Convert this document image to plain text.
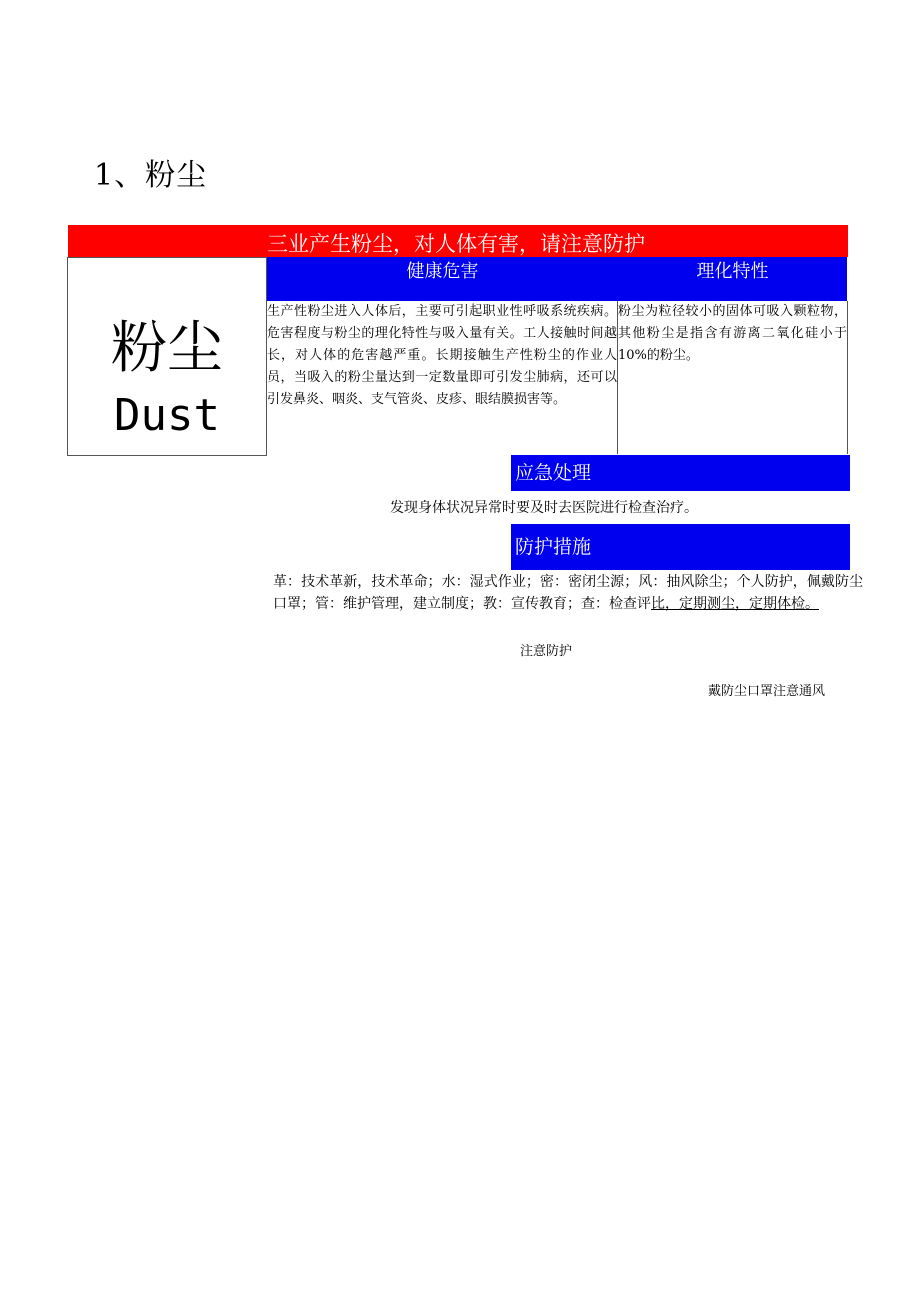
1、粉尘
三业产生粉尘，对人体有害，请注意防护
粉尘
Dust
健康危害	理化特性

生产性粉尘进入人体后，主要可引起职业性呼吸系统疾病。危害程度与粉尘的理化特性与吸入量有关。工人接触时间越长，对人体的危害越严重。长期接触生产性粉尘的作业人员，当吸入的粉尘量达到一定数量即可引发尘肺病，还可以引发鼻炎、咽炎、支气管炎、皮疹、眼结膜损害等。

粉尘为粒径较小的固体可吸入颗粒物，其他粉尘是指含有游离二氧化硅小于10%的粉尘。

应急处理
发现身体状况异常时要及时去医院进行检查治疗。
防护措施

革：技术革新，技术革命；水：湿式作业；密：密闭尘源；风：抽风除尘；个人防护，佩戴防尘口罩；管：维护管理，建立制度；教：宣传教育；查：检查评比，定期测尘，定期体检。

注意防护
戴防尘口罩注意通风
